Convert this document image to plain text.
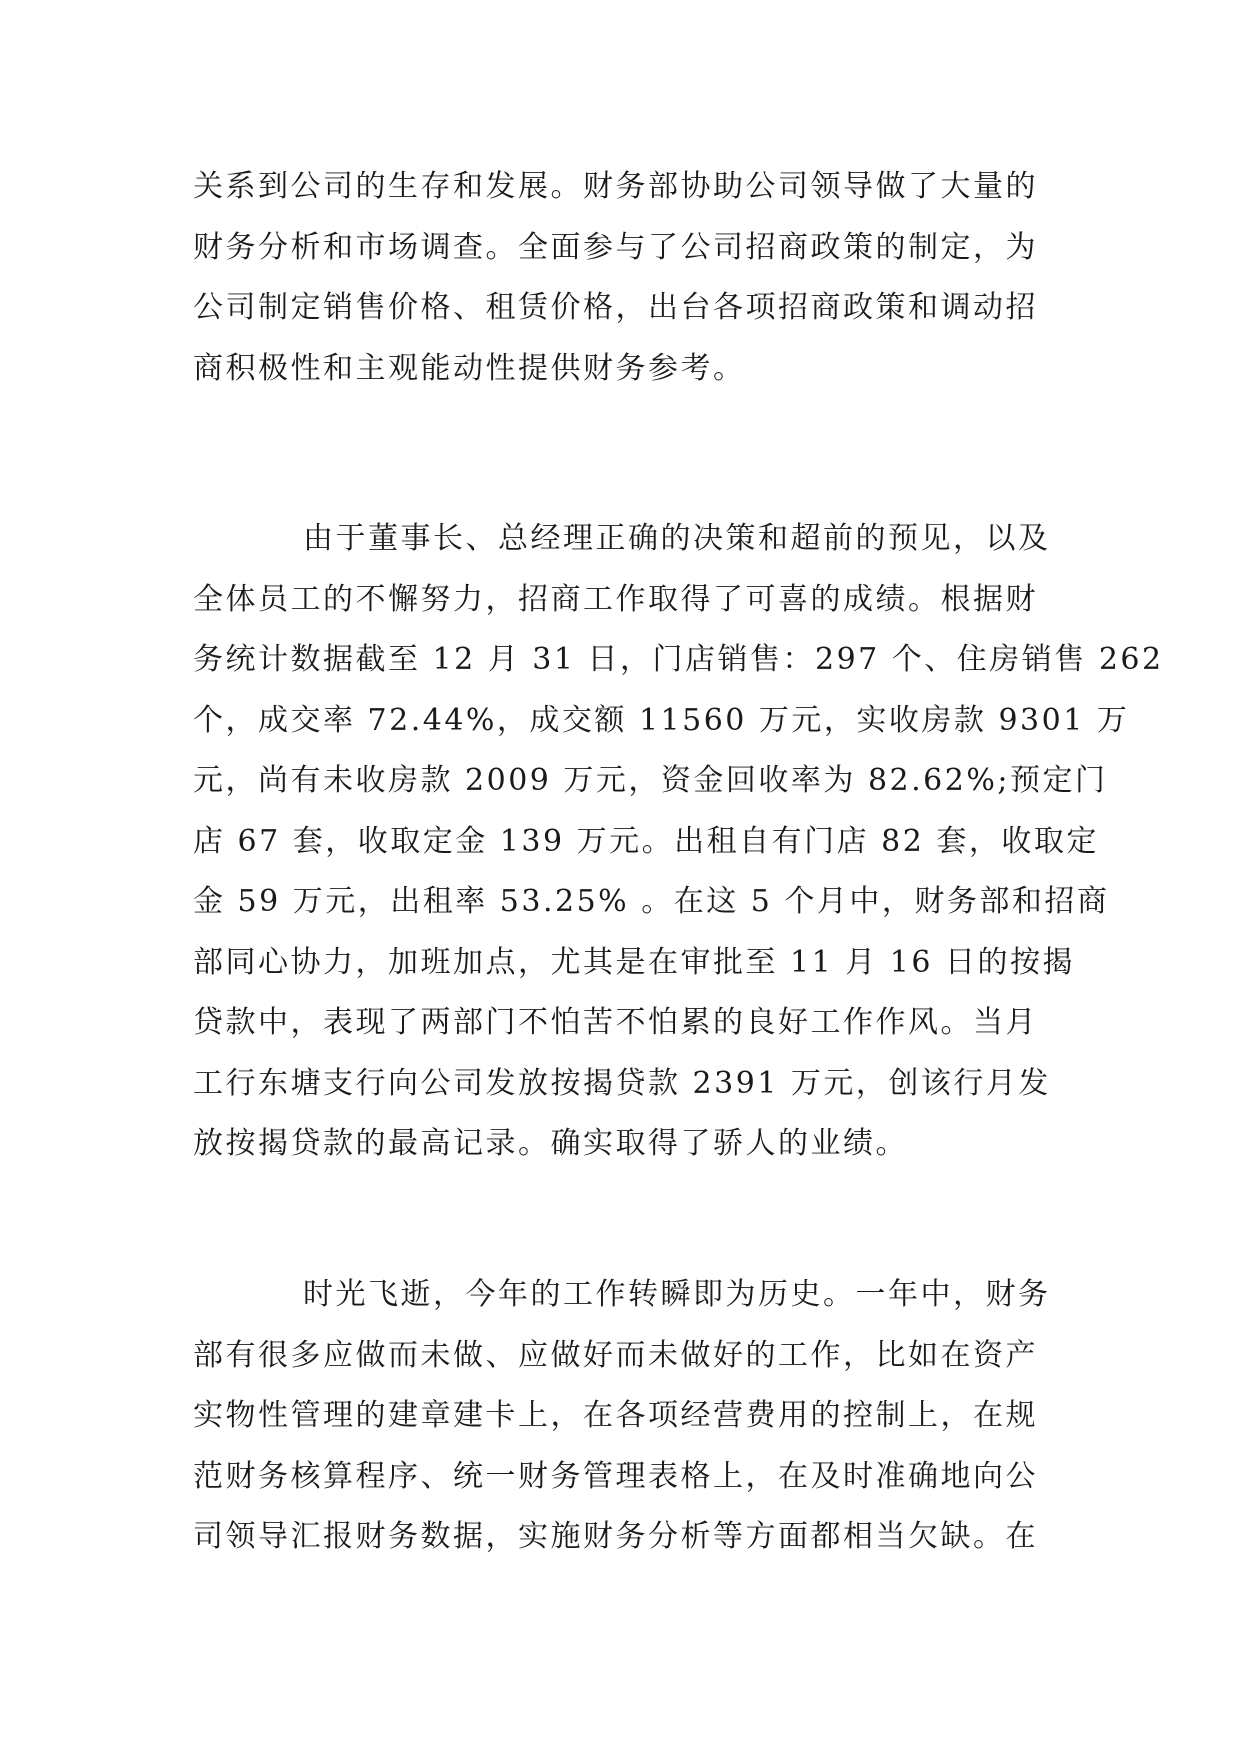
关系到公司的生存和发展。财务部协助公司领导做了大量的
财务分析和市场调查。全面参与了公司招商政策的制定，为
公司制定销售价格、租赁价格，出台各项招商政策和调动招
商积极性和主观能动性提供财务参考。
由于董事长、总经理正确的决策和超前的预见，以及
全体员工的不懈努力，招商工作取得了可喜的成绩。根据财
务统计数据截至 12 月 31 日，门店销售：297 个、住房销售 262
个，成交率 72.44%，成交额 11560 万元，实收房款 9301 万
元，尚有未收房款 2009 万元，资金回收率为 82.62%;预定门
店 67 套，收取定金 139 万元。出租自有门店 82 套，收取定
金 59 万元，出租率 53.25% 。在这 5 个月中，财务部和招商
部同心协力，加班加点，尤其是在审批至 11 月 16 日的按揭
贷款中，表现了两部门不怕苦不怕累的良好工作作风。当月
工行东塘支行向公司发放按揭贷款 2391 万元，创该行月发
放按揭贷款的最高记录。确实取得了骄人的业绩。
时光飞逝，今年的工作转瞬即为历史。一年中，财务
部有很多应做而未做、应做好而未做好的工作，比如在资产
实物性管理的建章建卡上，在各项经营费用的控制上，在规
范财务核算程序、统一财务管理表格上，在及时准确地向公
司领导汇报财务数据，实施财务分析等方面都相当欠缺。在
